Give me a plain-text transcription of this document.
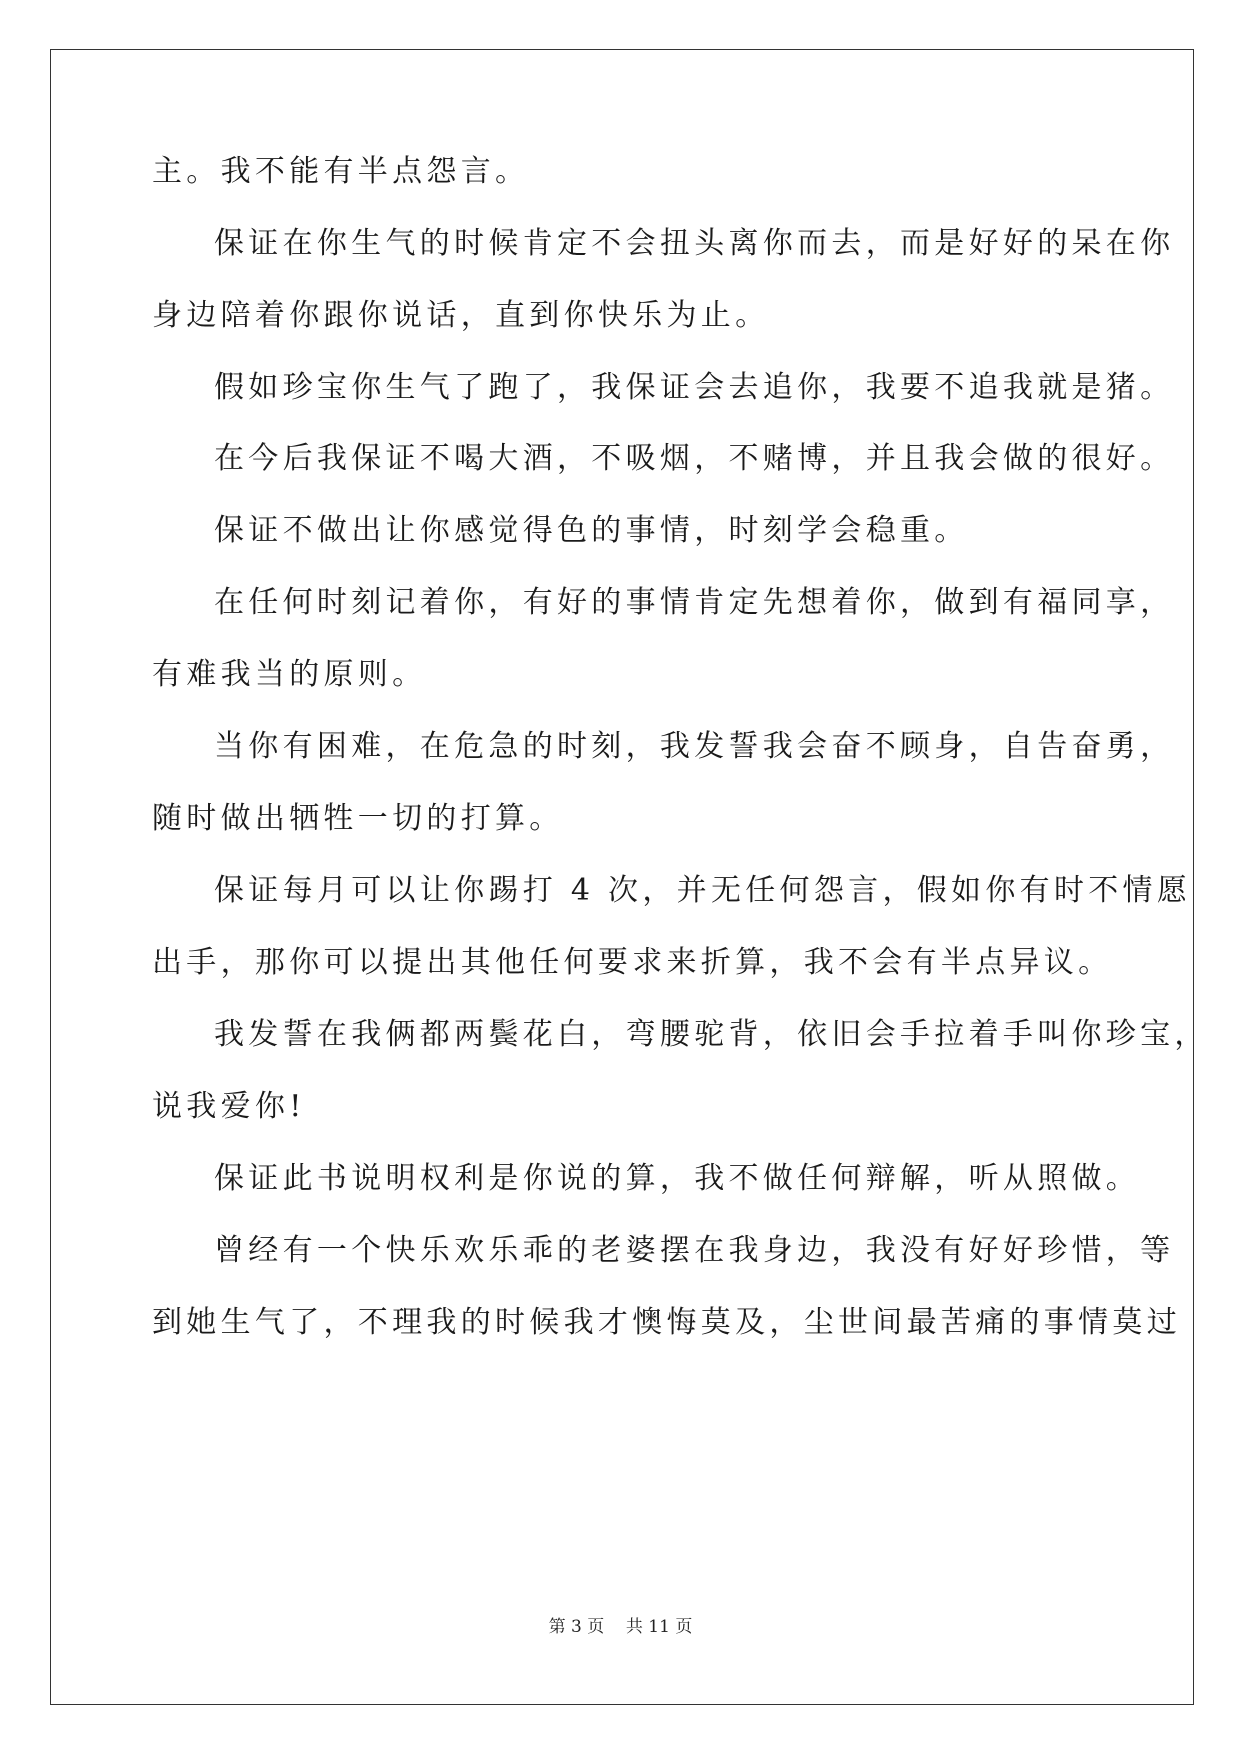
主。我不能有半点怨言。
保证在你生气的时候肯定不会扭头离你而去，而是好好的呆在你
身边陪着你跟你说话，直到你快乐为止。
假如珍宝你生气了跑了，我保证会去追你，我要不追我就是猪。
在今后我保证不喝大酒，不吸烟，不赌博，并且我会做的很好。
保证不做出让你感觉得色的事情，时刻学会稳重。
在任何时刻记着你，有好的事情肯定先想着你，做到有福同享，
有难我当的原则。
当你有困难，在危急的时刻，我发誓我会奋不顾身，自告奋勇，
随时做出牺牲一切的打算。
保证每月可以让你踢打 4 次，并无任何怨言，假如你有时不情愿
出手，那你可以提出其他任何要求来折算，我不会有半点异议。
我发誓在我俩都两鬓花白，弯腰驼背，依旧会手拉着手叫你珍宝，
说我爱你!
保证此书说明权利是你说的算，我不做任何辩解，听从照做。
曾经有一个快乐欢乐乖的老婆摆在我身边，我没有好好珍惜，等
到她生气了，不理我的时候我才懊悔莫及，尘世间最苦痛的事情莫过
第 3 页    共 11 页
